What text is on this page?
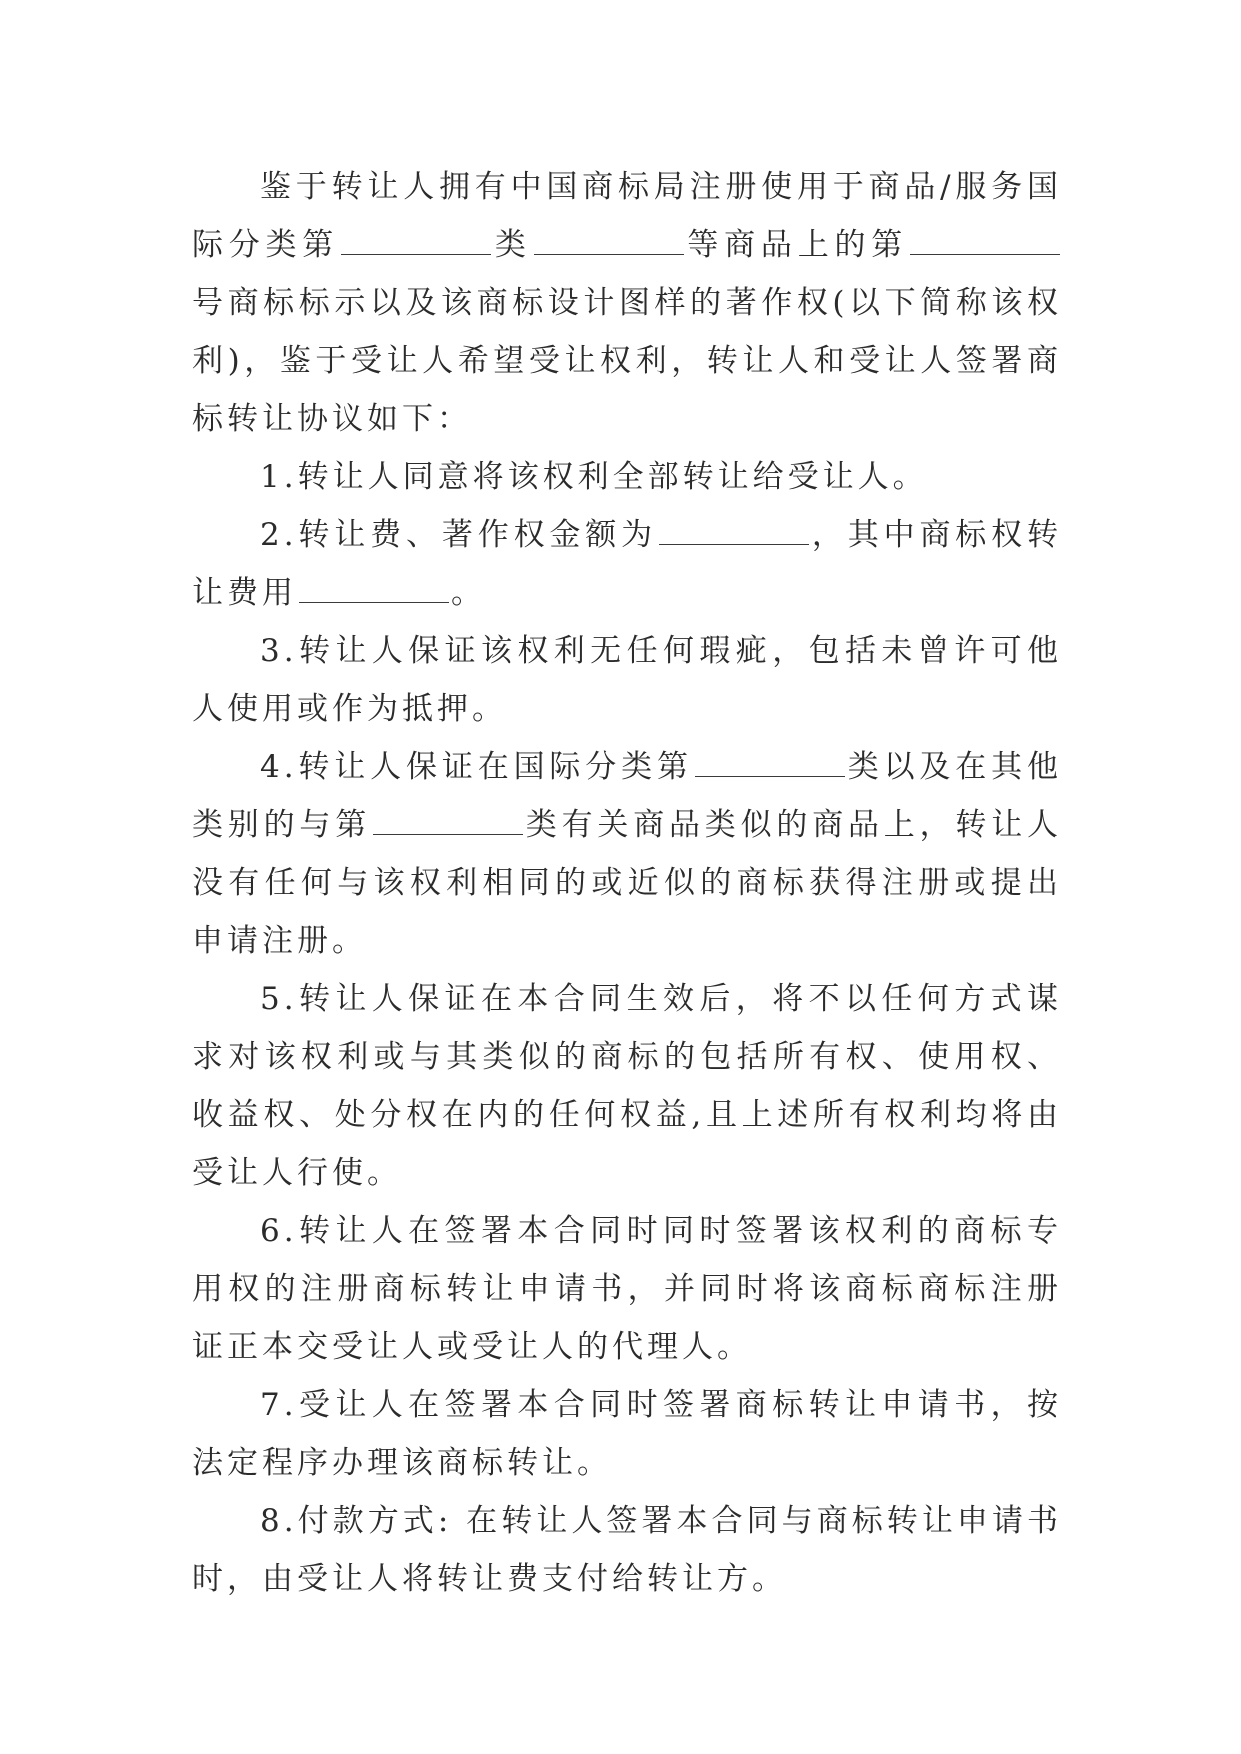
鉴于转让人拥有中国商标局注册使用于商品/服务国际分类第	类	等商品上的第号商标标示以及该商标设计图样的著作权(以下简称该权利)，鉴于受让人希望受让权利，转让人和受让人签署商标转让协议如下：

1.转让人同意将该权利全部转让给受让人。

2.转让费、著作权金额为	，其中商标权转让费用	。

3.转让人保证该权利无任何瑕疵，包括未曾许可他人使用或作为抵押。

4.转让人保证在国际分类第	类以及在其他类别的与第	类有关商品类似的商品上，转让人没有任何与该权利相同的或近似的商标获得注册或提出申请注册。

5.转让人保证在本合同生效后，将不以任何方式谋求对该权利或与其类似的商标的包括所有权、使用权、收益权、处分权在内的任何权益,且上述所有权利均将由受让人行使。

6.转让人在签署本合同时同时签署该权利的商标专用权的注册商标转让申请书，并同时将该商标商标注册证正本交受让人或受让人的代理人。

7.受让人在签署本合同时签署商标转让申请书，按法定程序办理该商标转让。

8.付款方式: 在转让人签署本合同与商标转让申请书时，由受让人将转让费支付给转让方。
